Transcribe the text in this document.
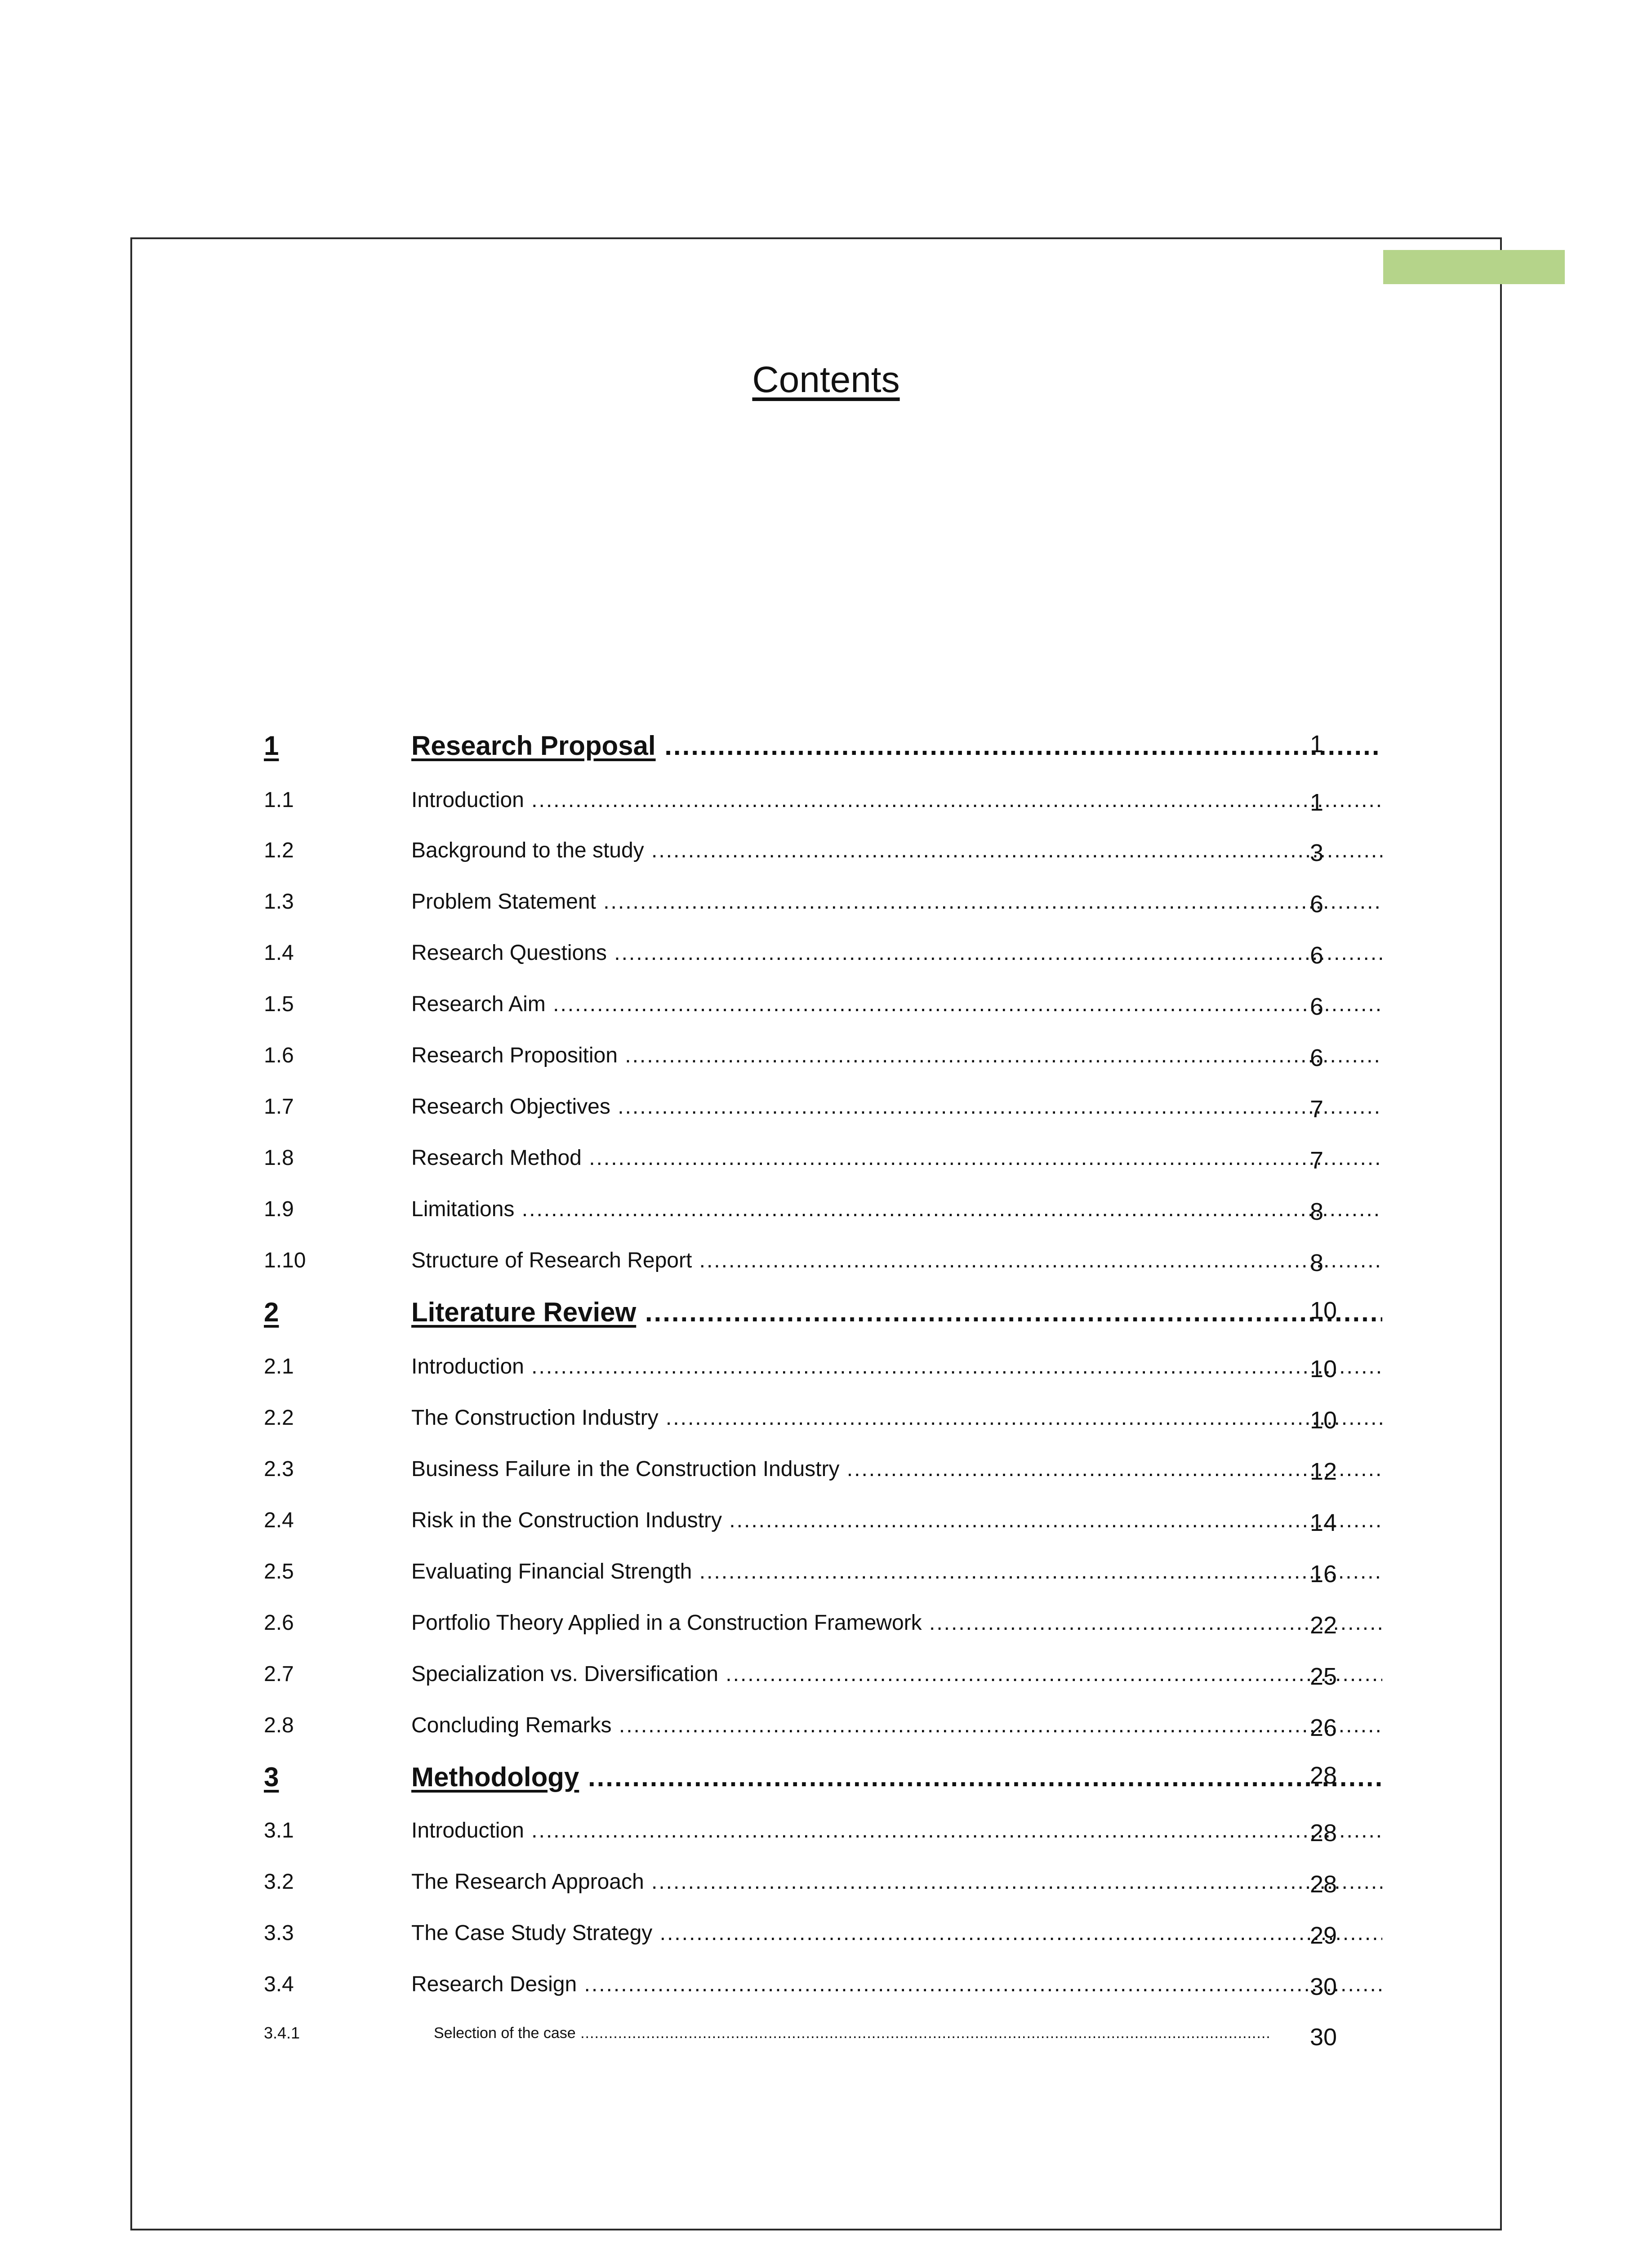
Contents
1	Research Proposal .....	1
1.1	Introduction .....	1
1.2	Background to the study .....	3
1.3	Problem Statement .....	6
1.4	Research Questions .....	6
1.5	Research Aim .....	6
1.6	Research Proposition .....	6
1.7	Research Objectives .....	7
1.8	Research Method .....	7
1.9	Limitations .....	8
1.10	Structure of Research Report .....	8
2	Literature Review .....	10
2.1	Introduction .....	10
2.2	The Construction Industry .....	10
2.3	Business Failure in the Construction Industry .....	12
2.4	Risk in the Construction Industry .....	14
2.5	Evaluating Financial Strength .....	16
2.6	Portfolio Theory Applied in a Construction Framework .....	22
2.7	Specialization vs. Diversification .....	25
2.8	Concluding Remarks .....	26
3	Methodology .....	28
3.1	Introduction .....	28
3.2	The Research Approach .....	28
3.3	The Case Study Strategy .....	29
3.4	Research Design .....	30
3.4.1	Selection of the case .....	30
